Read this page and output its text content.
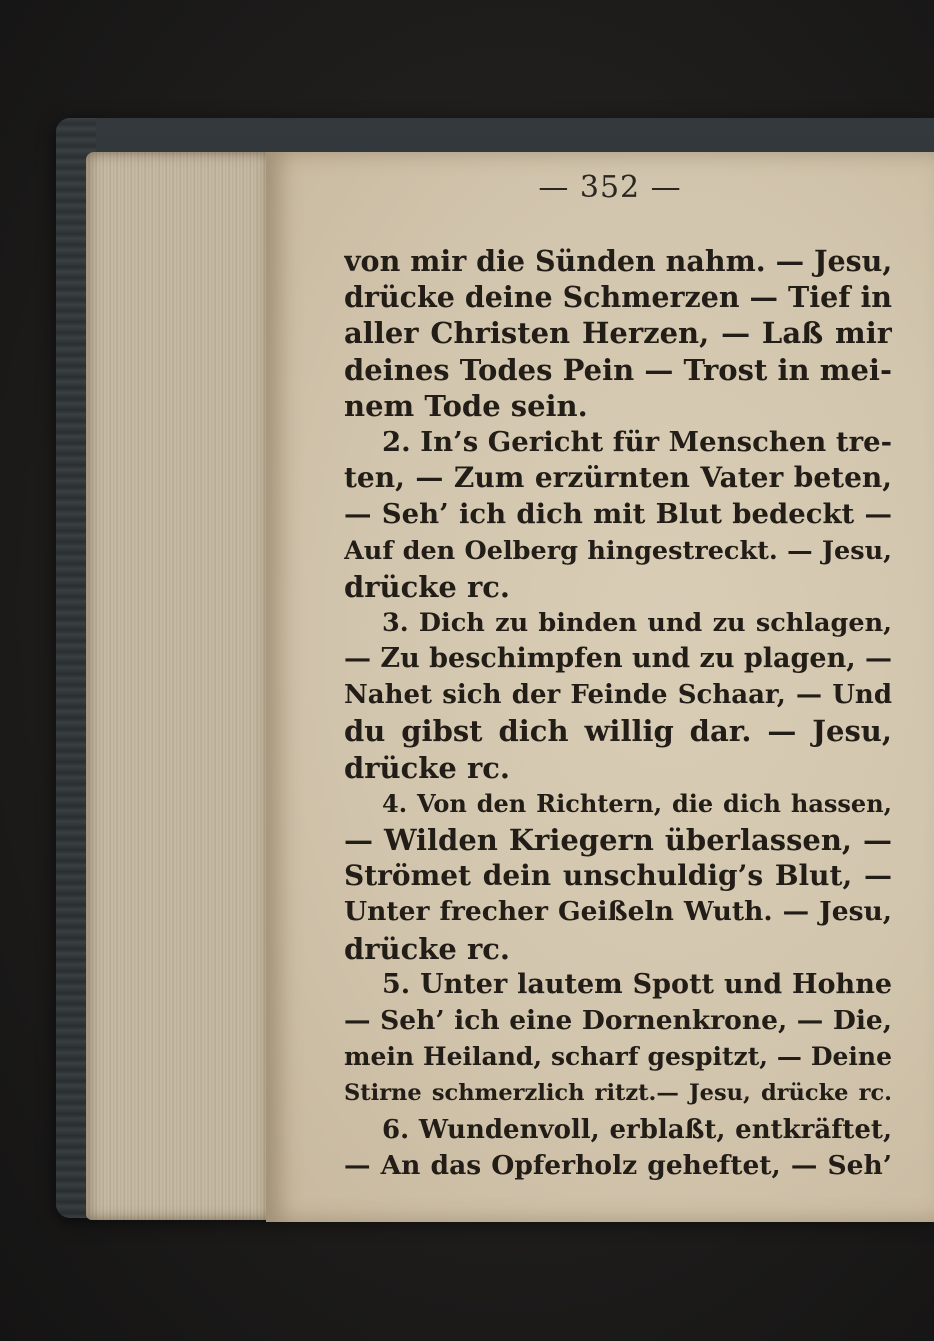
— 352 —
von mir die Sünden nahm. — Jesu,
drücke deine Schmerzen — Tief in
aller Christen Herzen, — Laß mir
deines Todes Pein — Trost in mei-
nem Tode sein.
2. In’s Gericht für Menschen tre-
ten, — Zum erzürnten Vater beten,
— Seh’ ich dich mit Blut bedeckt —
Auf den Oelberg hingestreckt. — Jesu,
drücke rc.
3. Dich zu binden und zu schlagen,
— Zu beschimpfen und zu plagen, —
Nahet sich der Feinde Schaar, — Und
du gibst dich willig dar. — Jesu,
drücke rc.
4. Von den Richtern, die dich hassen,
— Wilden Kriegern überlassen, —
Strömet dein unschuldig’s Blut, —
Unter frecher Geißeln Wuth. — Jesu,
drücke rc.
5. Unter lautem Spott und Hohne
— Seh’ ich eine Dornenkrone, — Die,
mein Heiland, scharf gespitzt, — Deine
Stirne schmerzlich ritzt.— Jesu, drücke rc.
6. Wundenvoll, erblaßt, entkräftet,
— An das Opferholz geheftet, — Seh’
